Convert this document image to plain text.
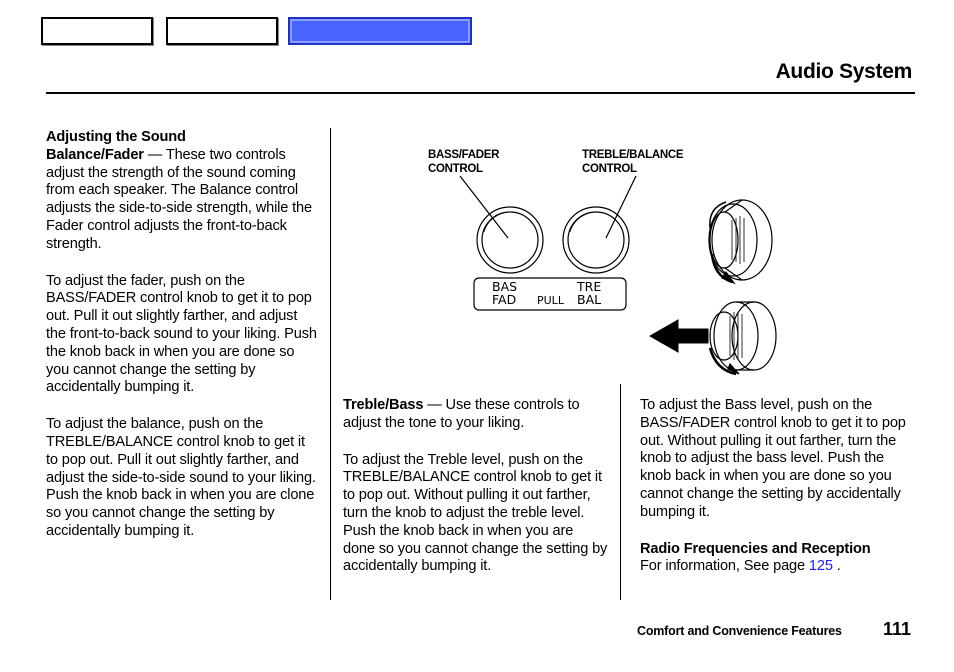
Audio System
Adjusting the Sound

Balance/Fader — These two controls adjust the strength of the sound coming from each speaker. The Balance control adjusts the side-to-side strength, while the Fader control adjusts the front-to-back strength.

To adjust the fader, push on the BASS/FADER control knob to get it to pop out. Pull it out slightly farther, and adjust the front-to-back sound to your liking. Push the knob back in when you are done so you cannot change the setting by accidentally bumping it.

To adjust the balance, push on the TREBLE/BALANCE control knob to get it to pop out. Pull it out slightly farther, and adjust the side-to-side sound to your liking. Push the knob back in when you are clone so you cannot change the setting by accidentally bumping it.

BASS/FADER
CONTROL
TREBLE/BALANCE
CONTROL
BAS
FAD PULL
TRE
BAL

Treble/Bass — Use these controls to adjust the tone to your liking.

To adjust the Treble level, push on the TREBLE/BALANCE control knob to get it to pop out. Without pulling it out farther, turn the knob to adjust the treble level. Push the knob back in when you are done so you cannot change the setting by accidentally bumping it.

To adjust the Bass level, push on the BASS/FADER control knob to get it to pop out. Without pulling it out farther, turn the knob to adjust the bass level. Push the knob back in when you are done so you cannot change the setting by accidentally bumping it.

Radio Frequencies and Reception
For information, See page 125 .
Comfort and Convenience Features 111
